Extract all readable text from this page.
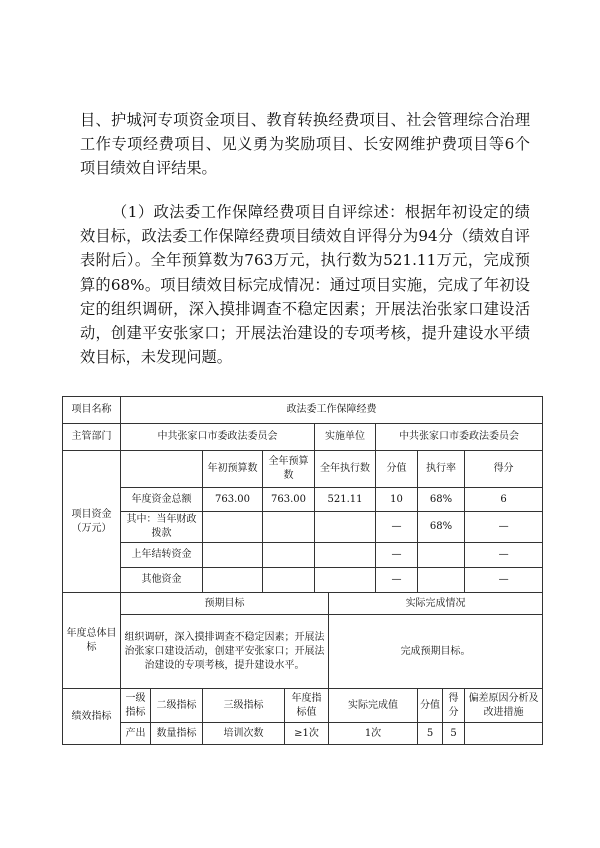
目、护城河专项资金项目、教育转换经费项目、社会管理综合治理工作专项经费项目、见义勇为奖励项目、长安网维护费项目等6个项目绩效自评结果。

（1）政法委工作保障经费项目自评综述：根据年初设定的绩效目标，政法委工作保障经费项目绩效自评得分为94分（绩效自评表附后）。全年预算数为763万元，执行数为521.11万元，完成预算的68%。项目绩效目标完成情况：通过项目实施，完成了年初设定的组织调研，深入摸排调查不稳定因素；开展法治张家口建设活动，创建平安张家口；开展法治建设的专项考核，提升建设水平绩效目标，未发现问题。

项目名称	政法委工作保障经费										
主管部门	中共张家口市委政法委员会					实施单位		中共张家口市委政法委员会			
项目资金（万元）			年初预算数	全年预算数		全年执行数		分值	执行率		得分
	年度资金总额		763.00	763.00		521.11		10	68%		6
	其中：当年财政拨款							—	68%		—
	上年结转资金							—			—
	其他资金							—			—
年度总体目标	预期目标						实际完成情况				
	组织调研，深入摸排调查不稳定因素；开展法治张家口建设活动，创建平安张家口；开展法治建设的专项考核，提升建设水平。						完成预期目标。				
绩效指标	一级指标	二级指标	三级指标		年度指标值		实际完成值		分值	得分	偏差原因分析及改进措施
	产出	数量指标	培训次数		≥1次		1次		5	5	
